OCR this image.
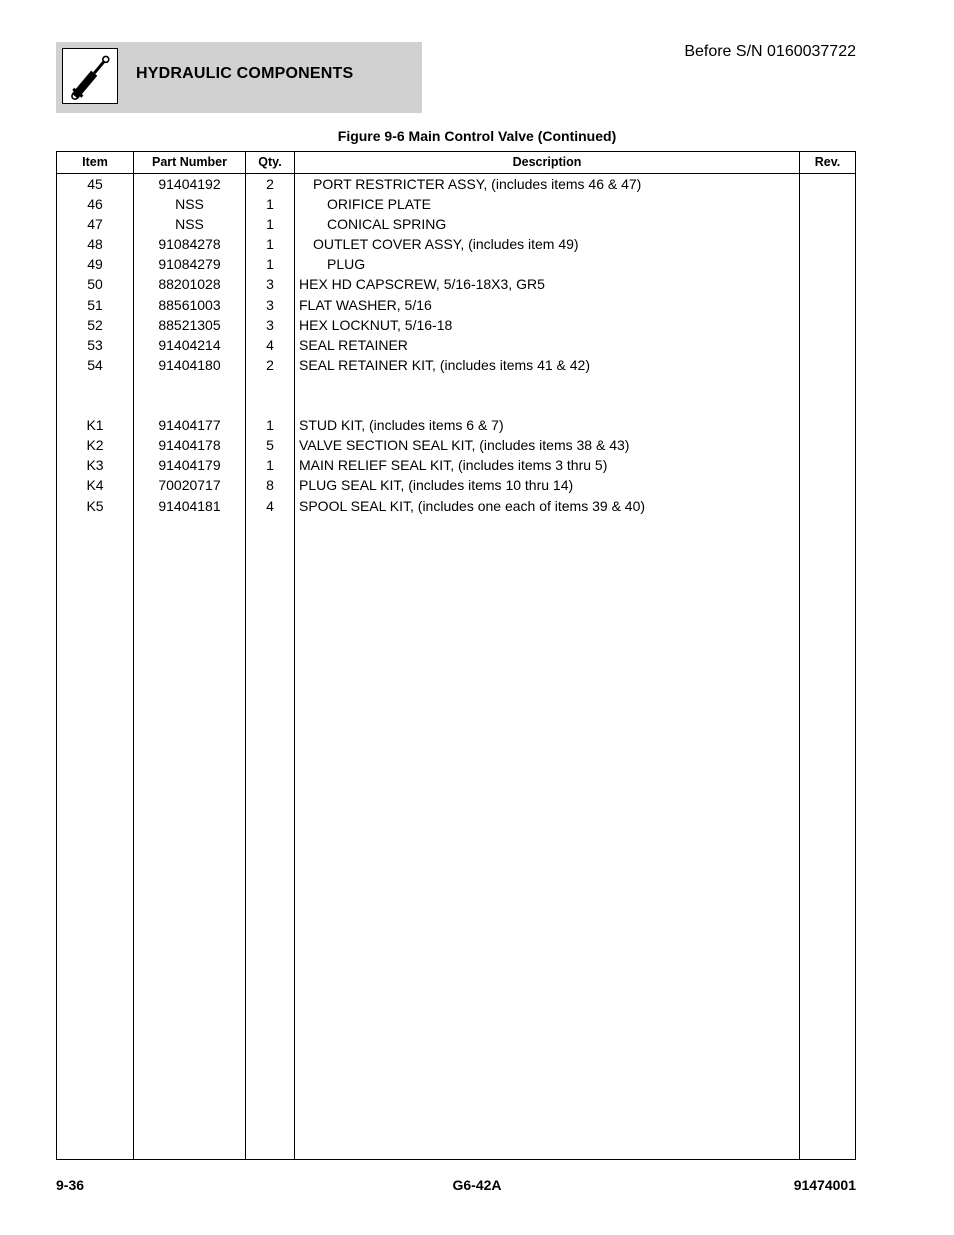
HYDRAULIC COMPONENTS
Before S/N 0160037722
Figure 9-6 Main Control Valve (Continued)
Item	Part Number	Qty.	Description	Rev.
45	91404192	2	PORT RESTRICTER ASSY, (includes items 46 & 47)
46	NSS	1	ORIFICE PLATE
47	NSS	1	CONICAL SPRING
48	91084278	1	OUTLET COVER ASSY, (includes item 49)
49	91084279	1	PLUG
50	88201028	3	HEX HD CAPSCREW, 5/16-18X3, GR5
51	88561003	3	FLAT WASHER, 5/16
52	88521305	3	HEX LOCKNUT, 5/16-18
53	91404214	4	SEAL RETAINER
54	91404180	2	SEAL RETAINER KIT, (includes items 41 & 42)
K1	91404177	1	STUD KIT, (includes items 6 & 7)
K2	91404178	5	VALVE SECTION SEAL KIT, (includes items 38 & 43)
K3	91404179	1	MAIN RELIEF SEAL KIT, (includes items 3 thru 5)
K4	70020717	8	PLUG SEAL KIT, (includes items 10 thru 14)
K5	91404181	4	SPOOL SEAL KIT, (includes one each of items 39 & 40)
9-36	G6-42A	91474001
